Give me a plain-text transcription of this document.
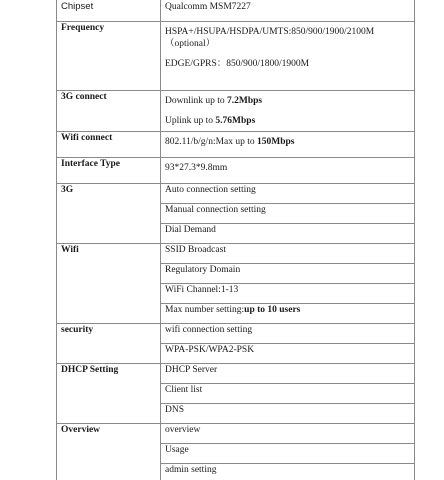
Chipset	Qualcomm MSM7227

Frequency	HSPA+/HSUPA/HSDPA/UMTS:850/900/1900/2100M
（optional）
EDGE/GPRS：850/900/1800/1900M

3G connect	Downlink up to 7.2Mbps
Uplink up to 5.76Mbps

Wifi connect	802.11/b/g/n:Max up to 150Mbps
Interface Type	93*27.3*9.8mm
3G	Auto connection setting
	Manual connection setting
	Dial Demand
Wifi	SSID Broadcast
	Regulatory Domain
	WiFi Channel:1-13
	Max number setting:up to 10 users
security	wifi connection setting
	WPA-PSK/WPA2-PSK
DHCP Setting	DHCP Server
	Client list
	DNS
Overview	overview
	Usage
	admin setting
